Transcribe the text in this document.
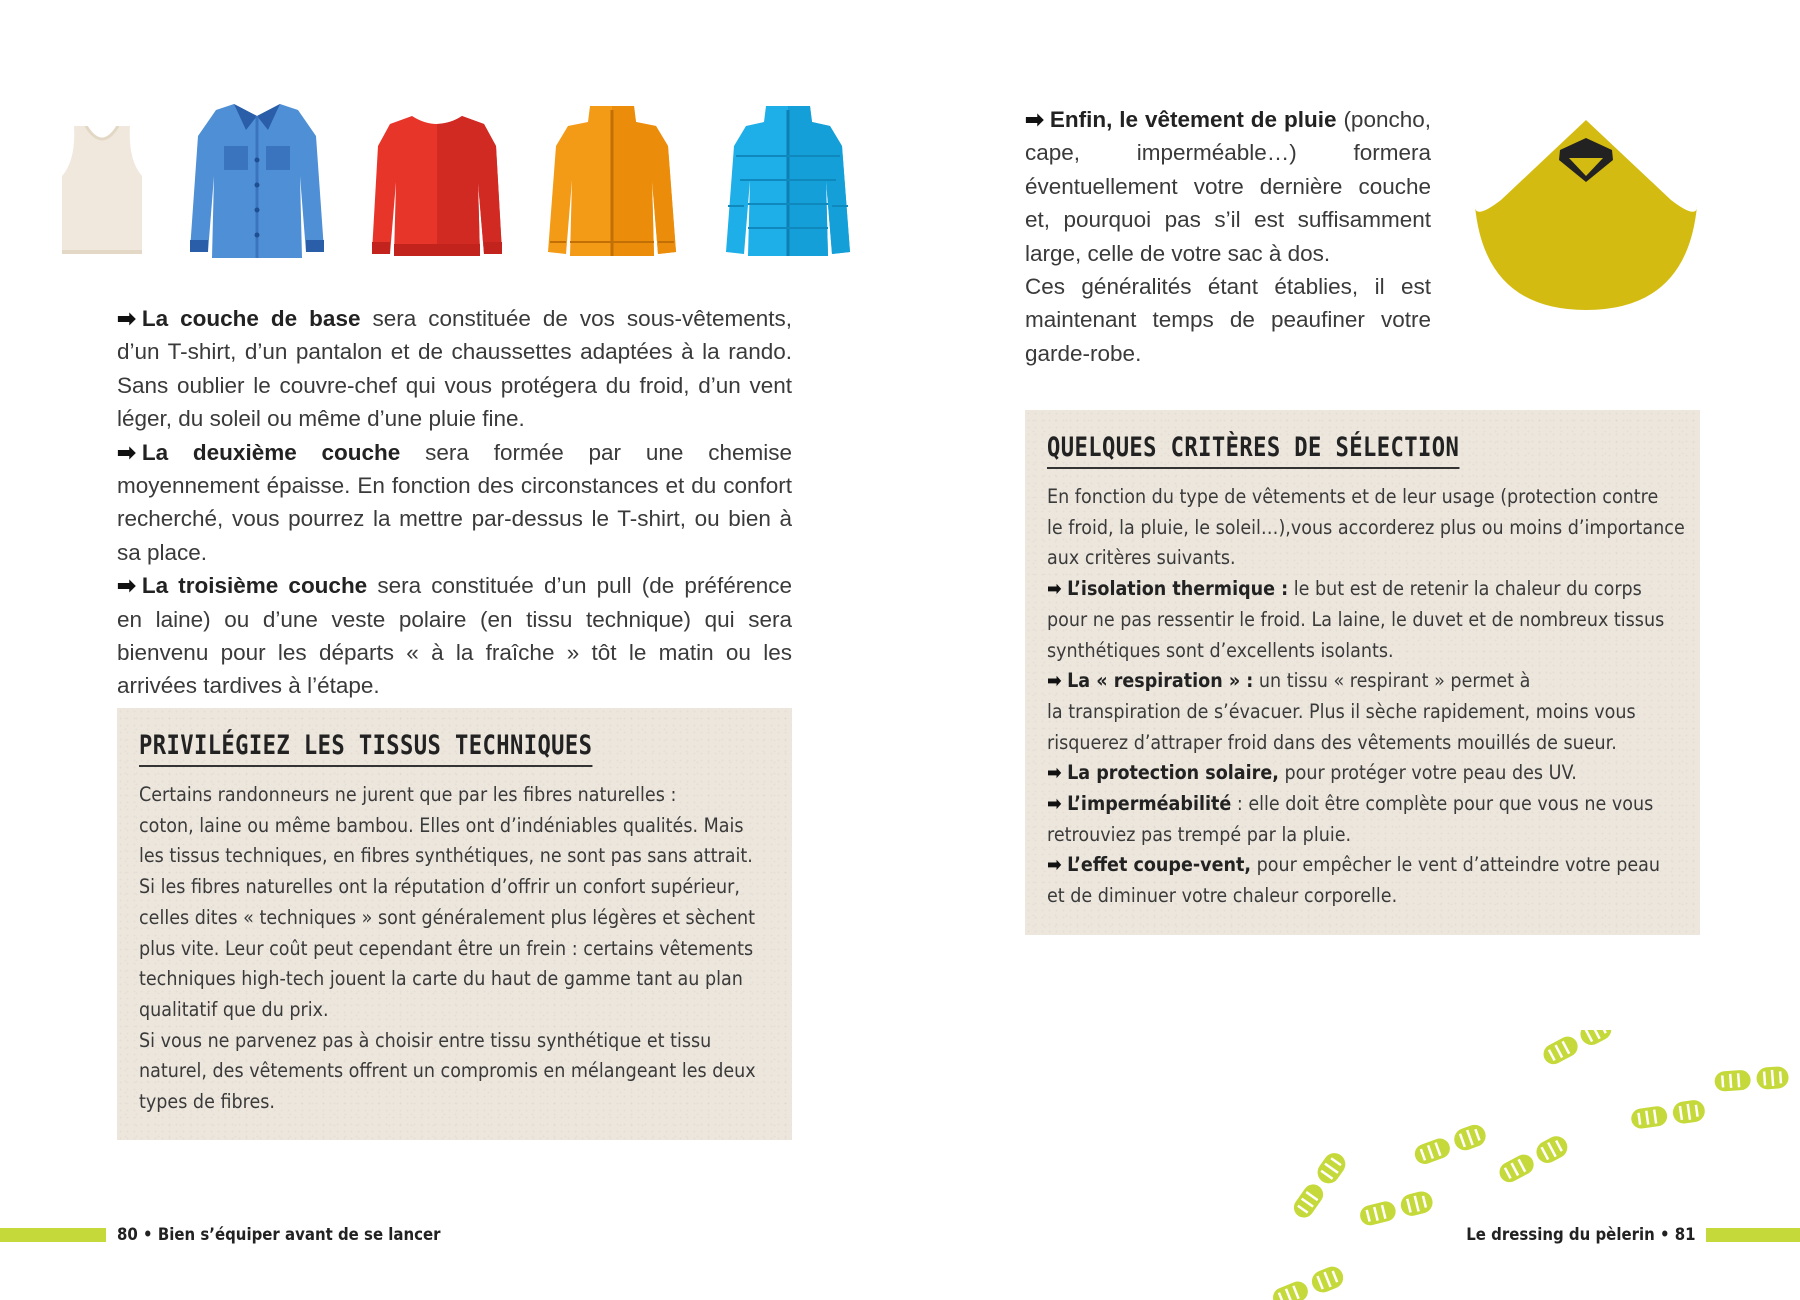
➡ La couche de base sera constituée de vos sous-vêtements, d’un T-shirt, d’un pantalon et de chaussettes adaptées à la rando. Sans oublier le couvre-chef qui vous protégera du froid, d’un vent léger, du soleil ou même d’une pluie fine.

➡ La deuxième couche sera formée par une chemise moyennement épaisse. En fonction des circonstances et du confort recherché, vous pourrez la mettre par-dessus le T-shirt, ou bien à sa place.

➡ La troisième couche sera constituée d’un pull (de préférence en laine) ou d’une veste polaire (en tissu technique) qui sera bienvenu pour les départs « à la fraîche » tôt le matin ou les arrivées tardives à l’étape.

PRIVILÉGIEZ LES TISSUS TECHNIQUES
Certains randonneurs ne jurent que par les fibres naturelles :
coton, laine ou même bambou. Elles ont d’indéniables qualités. Mais
les tissus techniques, en fibres synthétiques, ne sont pas sans attrait.
Si les fibres naturelles ont la réputation d’offrir un confort supérieur,
celles dites « techniques » sont généralement plus légères et sèchent
plus vite. Leur coût peut cependant être un frein : certains vêtements
techniques high-tech jouent la carte du haut de gamme tant au plan
qualitatif que du prix.
Si vous ne parvenez pas à choisir entre tissu synthétique et tissu
naturel, des vêtements offrent un compromis en mélangeant les deux
types de fibres.
80 • Bien s’équiper avant de se lancer

➡ Enfin, le vêtement de pluie (poncho, cape, imperméable…) formera éventuellement votre dernière couche et, pourquoi pas s’il est suffisamment large, celle de votre sac à dos.

Ces généralités étant établies, il est maintenant temps de peaufiner votre garde-robe.

QUELQUES CRITÈRES DE SÉLECTION
En fonction du type de vêtements et de leur usage (protection contre
le froid, la pluie, le soleil…),vous accorderez plus ou moins d’importance
aux critères suivants.
➡ L’isolation thermique : le but est de retenir la chaleur du corps
pour ne pas ressentir le froid. La laine, le duvet et de nombreux tissus
synthétiques sont d’excellents isolants.
➡ La « respiration » : un tissu « respirant » permet à
la transpiration de s’évacuer. Plus il sèche rapidement, moins vous
risquerez d’attraper froid dans des vêtements mouillés de sueur.
➡ La protection solaire, pour protéger votre peau des UV.
➡ L’imperméabilité : elle doit être complète pour que vous ne vous
retrouviez pas trempé par la pluie.
➡ L’effet coupe-vent, pour empêcher le vent d’atteindre votre peau
et de diminuer votre chaleur corporelle.
Le dressing du pèlerin • 81
